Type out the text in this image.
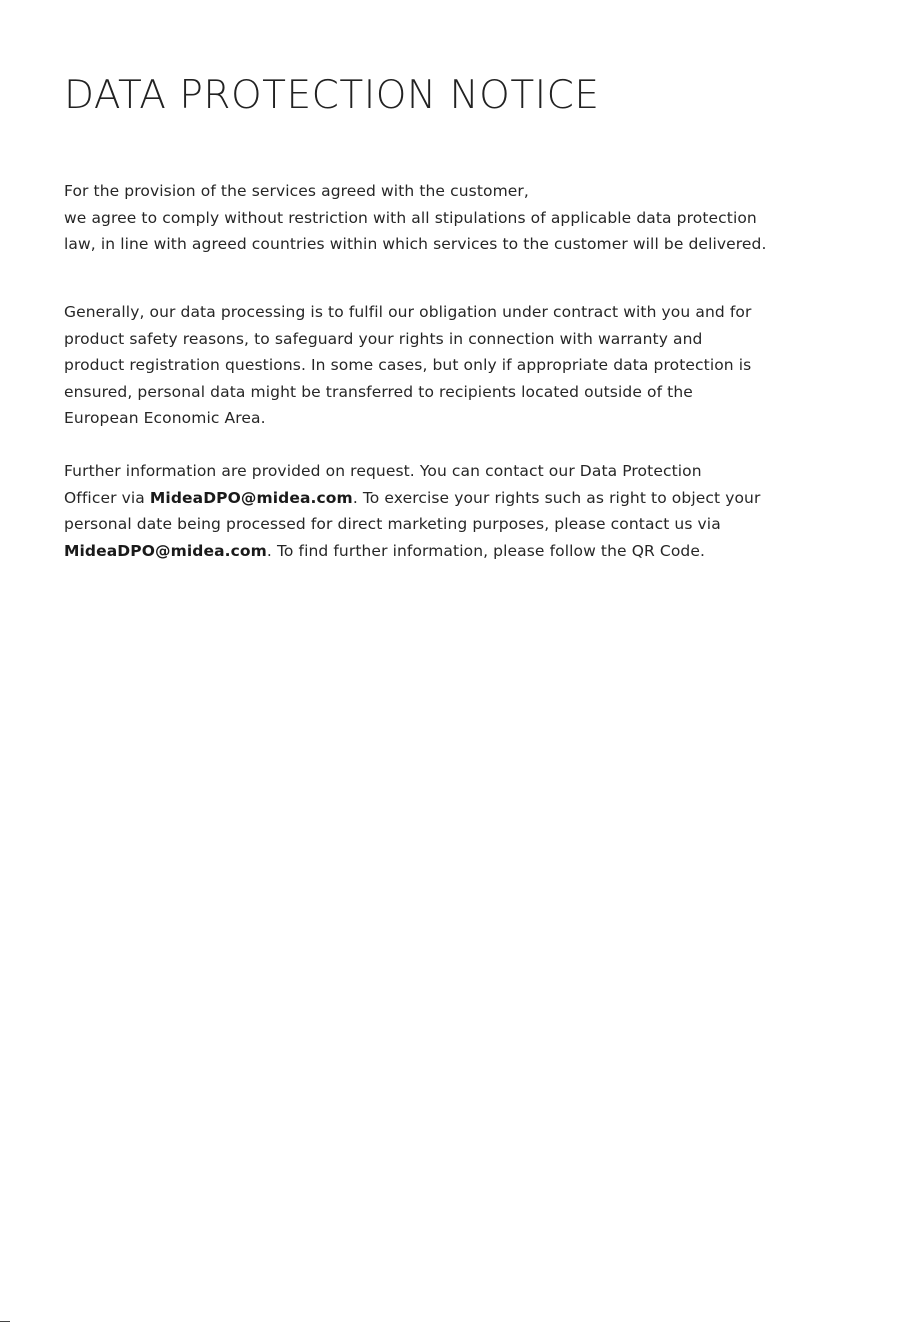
DATA PROTECTION NOTICE

For the provision of the services agreed with the customer,
we agree to comply without restriction with all stipulations of applicable data protection
law, in line with agreed countries within which services to the customer will be delivered.

Generally, our data processing is to fulfil our obligation under contract with you and for
product safety reasons, to safeguard your rights in connection with warranty and
product registration questions. In some cases, but only if appropriate data protection is
ensured, personal data might be transferred to recipients located outside of the
European Economic Area.

Further information are provided on request. You can contact our Data Protection
Officer via MideaDPO@midea.com. To exercise your rights such as right to object your
personal date being processed for direct marketing purposes, please contact us via
MideaDPO@midea.com. To find further information, please follow the QR Code.
